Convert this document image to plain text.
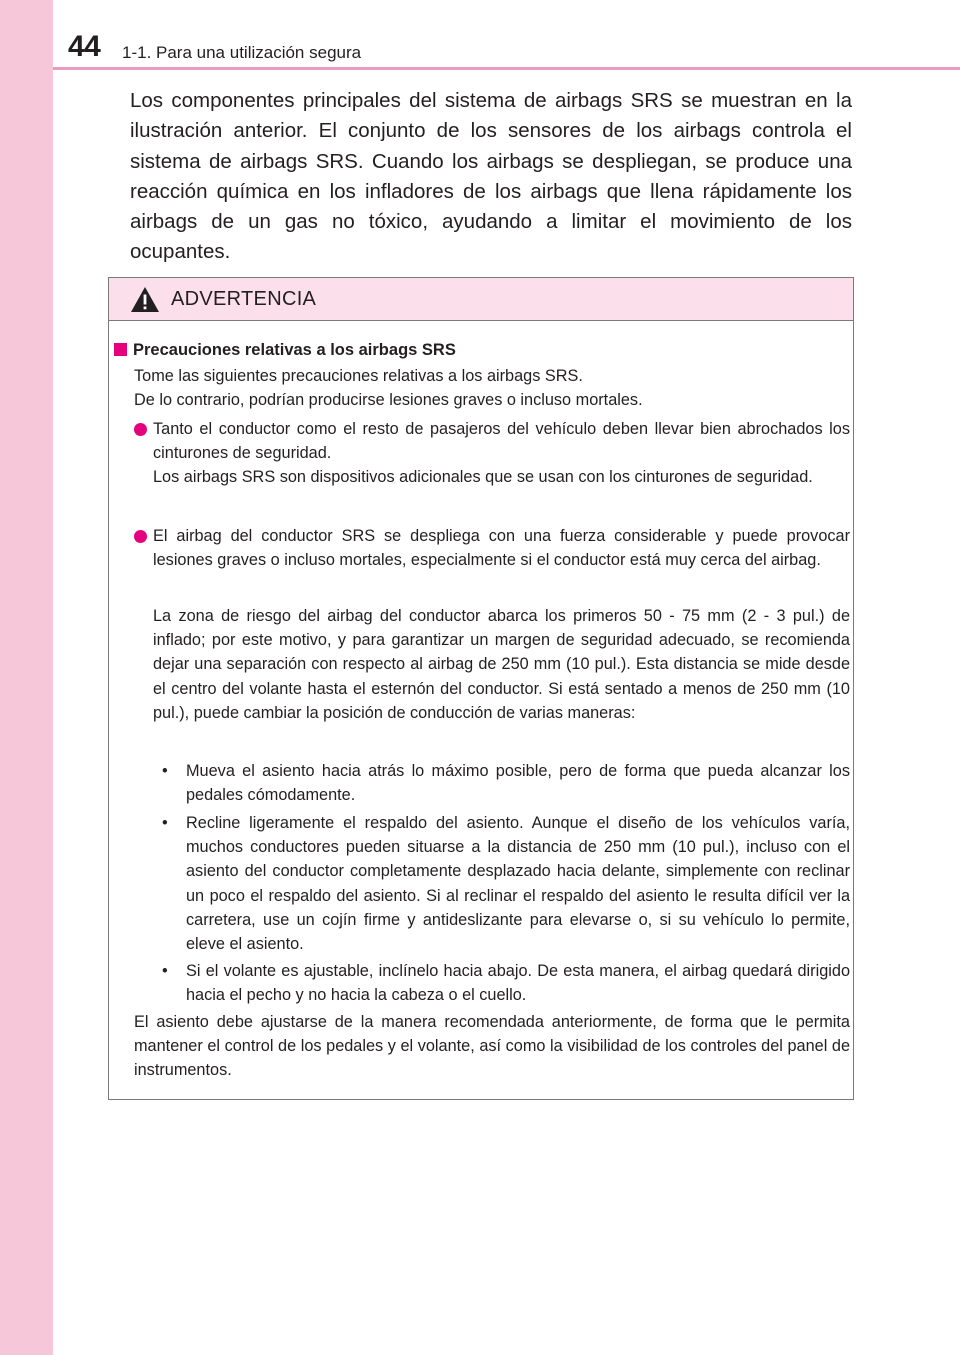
44 1-1. Para una utilización segura

Los componentes principales del sistema de airbags SRS se muestran en la ilustración anterior. El conjunto de los sensores de los airbags controla el sistema de airbags SRS. Cuando los airbags se despliegan, se produce una reacción química en los infladores de los airbags que llena rápidamente los airbags de un gas no tóxico, ayudando a limitar el movimiento de los ocupantes.

ADVERTENCIA
Precauciones relativas a los airbags SRS

Tome las siguientes precauciones relativas a los airbags SRS.

De lo contrario, podrían producirse lesiones graves o incluso mortales.

Tanto el conductor como el resto de pasajeros del vehículo deben llevar bien abrochados los cinturones de seguridad.

Los airbags SRS son dispositivos adicionales que se usan con los cinturones de seguridad.

El airbag del conductor SRS se despliega con una fuerza considerable y puede provocar lesiones graves o incluso mortales, especialmente si el conductor está muy cerca del airbag.

La zona de riesgo del airbag del conductor abarca los primeros 50 - 75 mm (2 - 3 pul.) de inflado; por este motivo, y para garantizar un margen de seguridad adecuado, se recomienda dejar una separación con respecto al airbag de 250 mm (10 pul.). Esta distancia se mide desde el centro del volante hasta el esternón del conductor. Si está sentado a menos de 250 mm (10 pul.), puede cambiar la posición de conducción de varias maneras:

• Mueva el asiento hacia atrás lo máximo posible, pero de forma que pueda alcanzar los pedales cómodamente.

• Recline ligeramente el respaldo del asiento. Aunque el diseño de los vehículos varía, muchos conductores pueden situarse a la distancia de 250 mm (10 pul.), incluso con el asiento del conductor completamente desplazado hacia delante, simplemente con reclinar un poco el respaldo del asiento. Si al reclinar el respaldo del asiento le resulta difícil ver la carretera, use un cojín firme y antideslizante para elevarse o, si su vehículo lo permite, eleve el asiento.

• Si el volante es ajustable, inclínelo hacia abajo. De esta manera, el airbag quedará dirigido hacia el pecho y no hacia la cabeza o el cuello.

El asiento debe ajustarse de la manera recomendada anteriormente, de forma que le permita mantener el control de los pedales y el volante, así como la visibilidad de los controles del panel de instrumentos.
